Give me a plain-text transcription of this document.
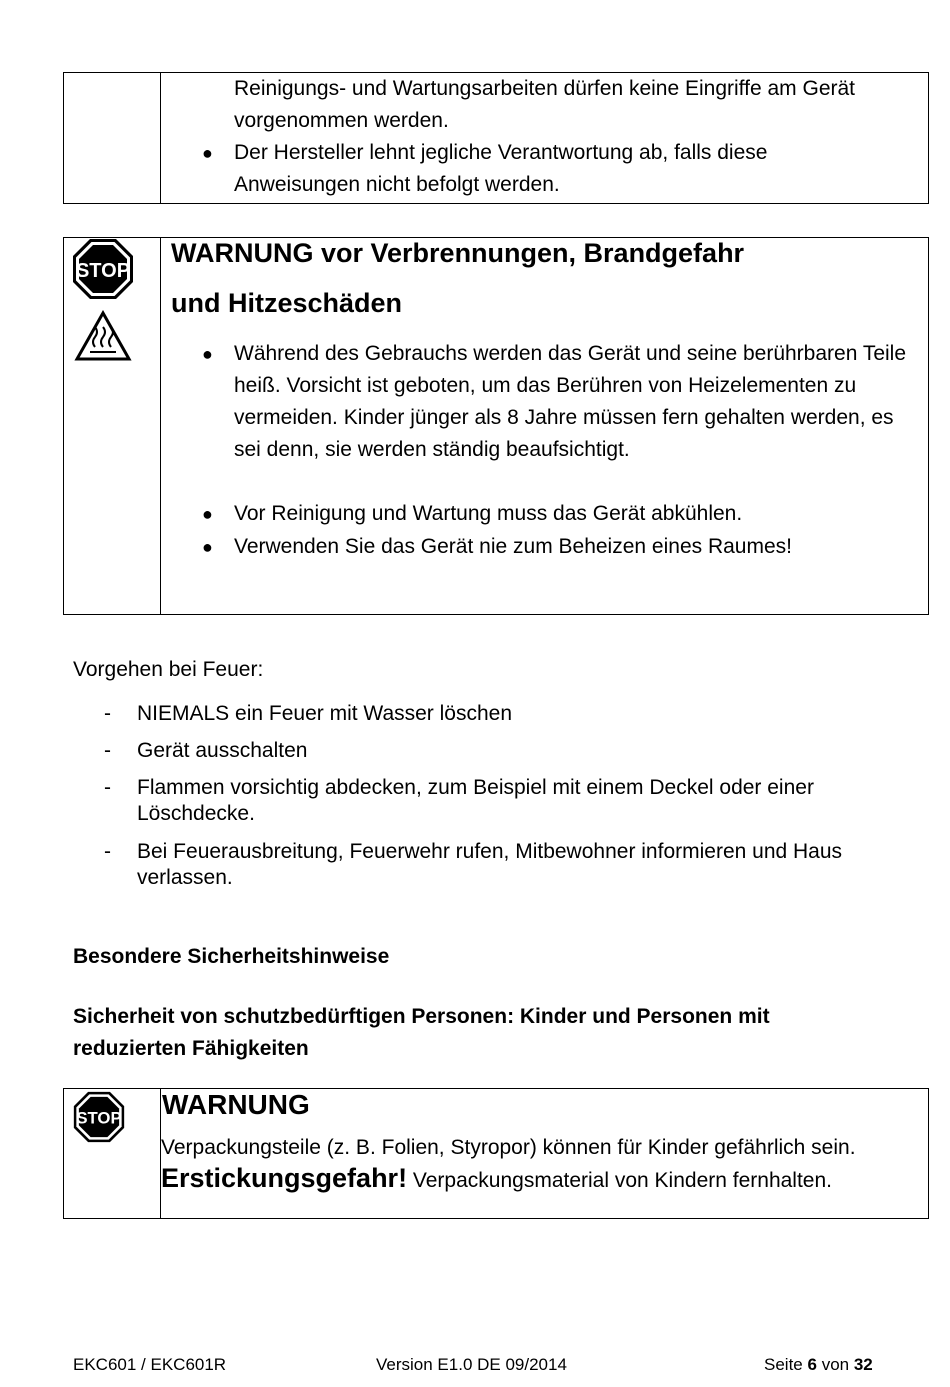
Reinigungs- und Wartungsarbeiten dürfen keine Eingriffe am Gerät vorgenommen werden.
● Der Hersteller lehnt jegliche Verantwortung ab, falls diese Anweisungen nicht befolgt werden.
STOP
WARNUNG vor Verbrennungen, Brandgefahr
und Hitzeschäden
● Während des Gebrauchs werden das Gerät und seine berührbaren Teile heiß. Vorsicht ist geboten, um das Berühren von Heizelementen zu vermeiden. Kinder jünger als 8 Jahre müssen fern gehalten werden, es sei denn, sie werden ständig beaufsichtigt.
● Vor Reinigung und Wartung muss das Gerät abkühlen.
● Verwenden Sie das Gerät nie zum Beheizen eines Raumes!
Vorgehen bei Feuer:
- NIEMALS ein Feuer mit Wasser löschen
- Gerät ausschalten
- Flammen vorsichtig abdecken, zum Beispiel mit einem Deckel oder einer Löschdecke.
- Bei Feuerausbreitung, Feuerwehr rufen, Mitbewohner informieren und Haus verlassen.
Besondere Sicherheitshinweise
Sicherheit von schutzbedürftigen Personen: Kinder und Personen mit reduzierten Fähigkeiten
STOP WARNUNG
Verpackungsteile (z. B. Folien, Styropor) können für Kinder gefährlich sein. Erstickungsgefahr! Verpackungsmaterial von Kindern fernhalten.
EKC601 / EKC601R	Version E1.0 DE 09/2014	Seite 6 von 32
